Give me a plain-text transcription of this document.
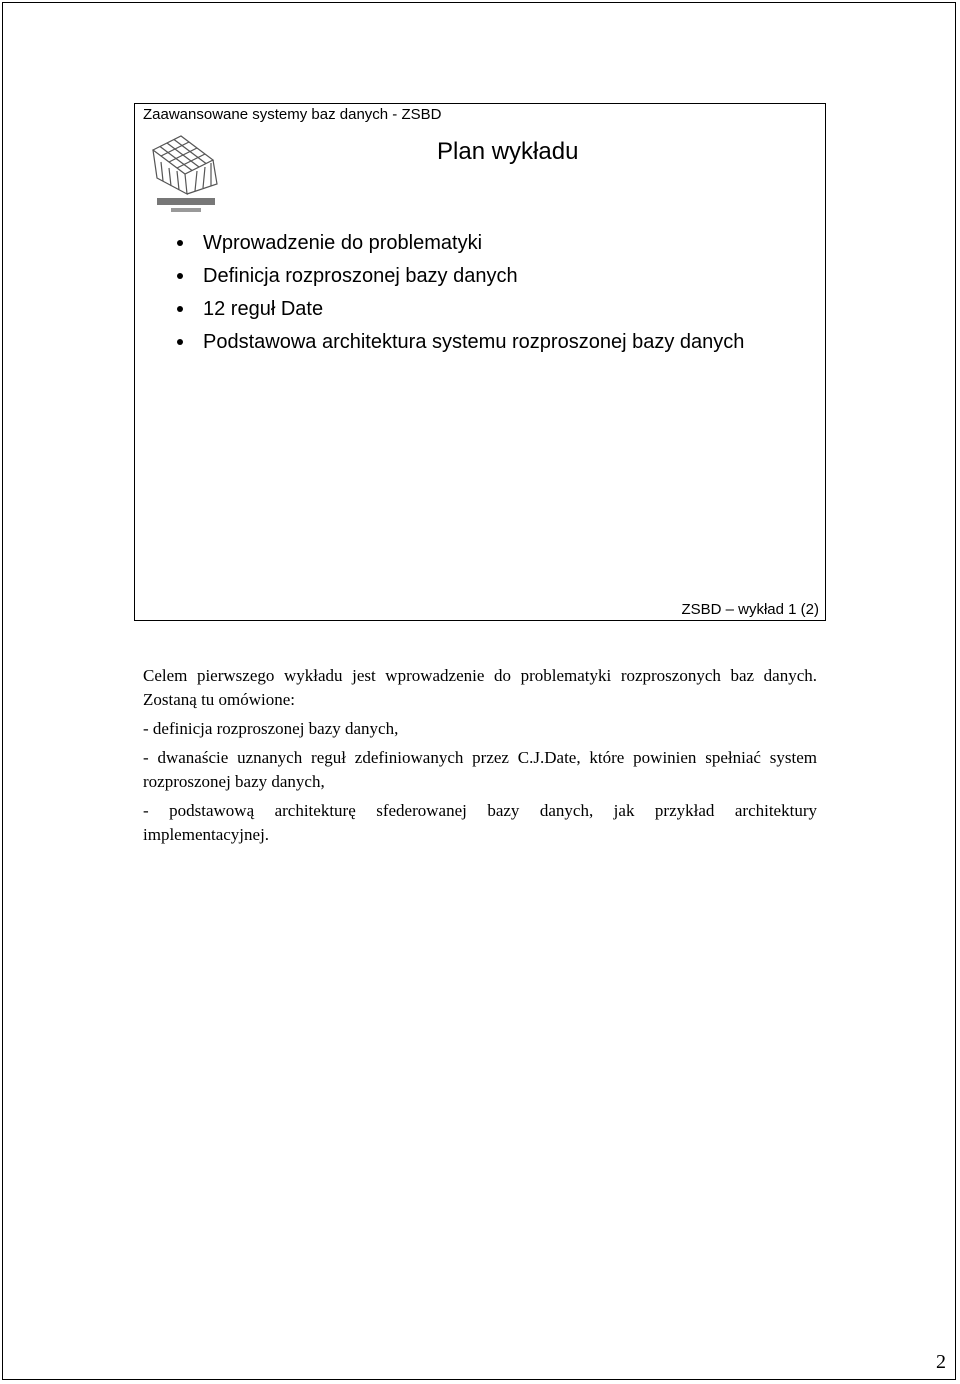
Zaawansowane systemy baz danych - ZSBD
Plan wykładu
Wprowadzenie do problematyki
Definicja rozproszonej bazy danych
12 reguł Date
Podstawowa architektura systemu rozproszonej bazy danych
ZSBD – wykład 1 (2)

Celem pierwszego wykładu jest wprowadzenie do problematyki rozproszonych baz danych. Zostaną tu omówione:

- definicja rozproszonej bazy danych,

- dwanaście uznanych reguł zdefiniowanych przez C.J.Date, które powinien spełniać system rozproszonej bazy danych,

- podstawową architekturę sfederowanej bazy danych, jak przykład architektury implementacyjnej.

2
